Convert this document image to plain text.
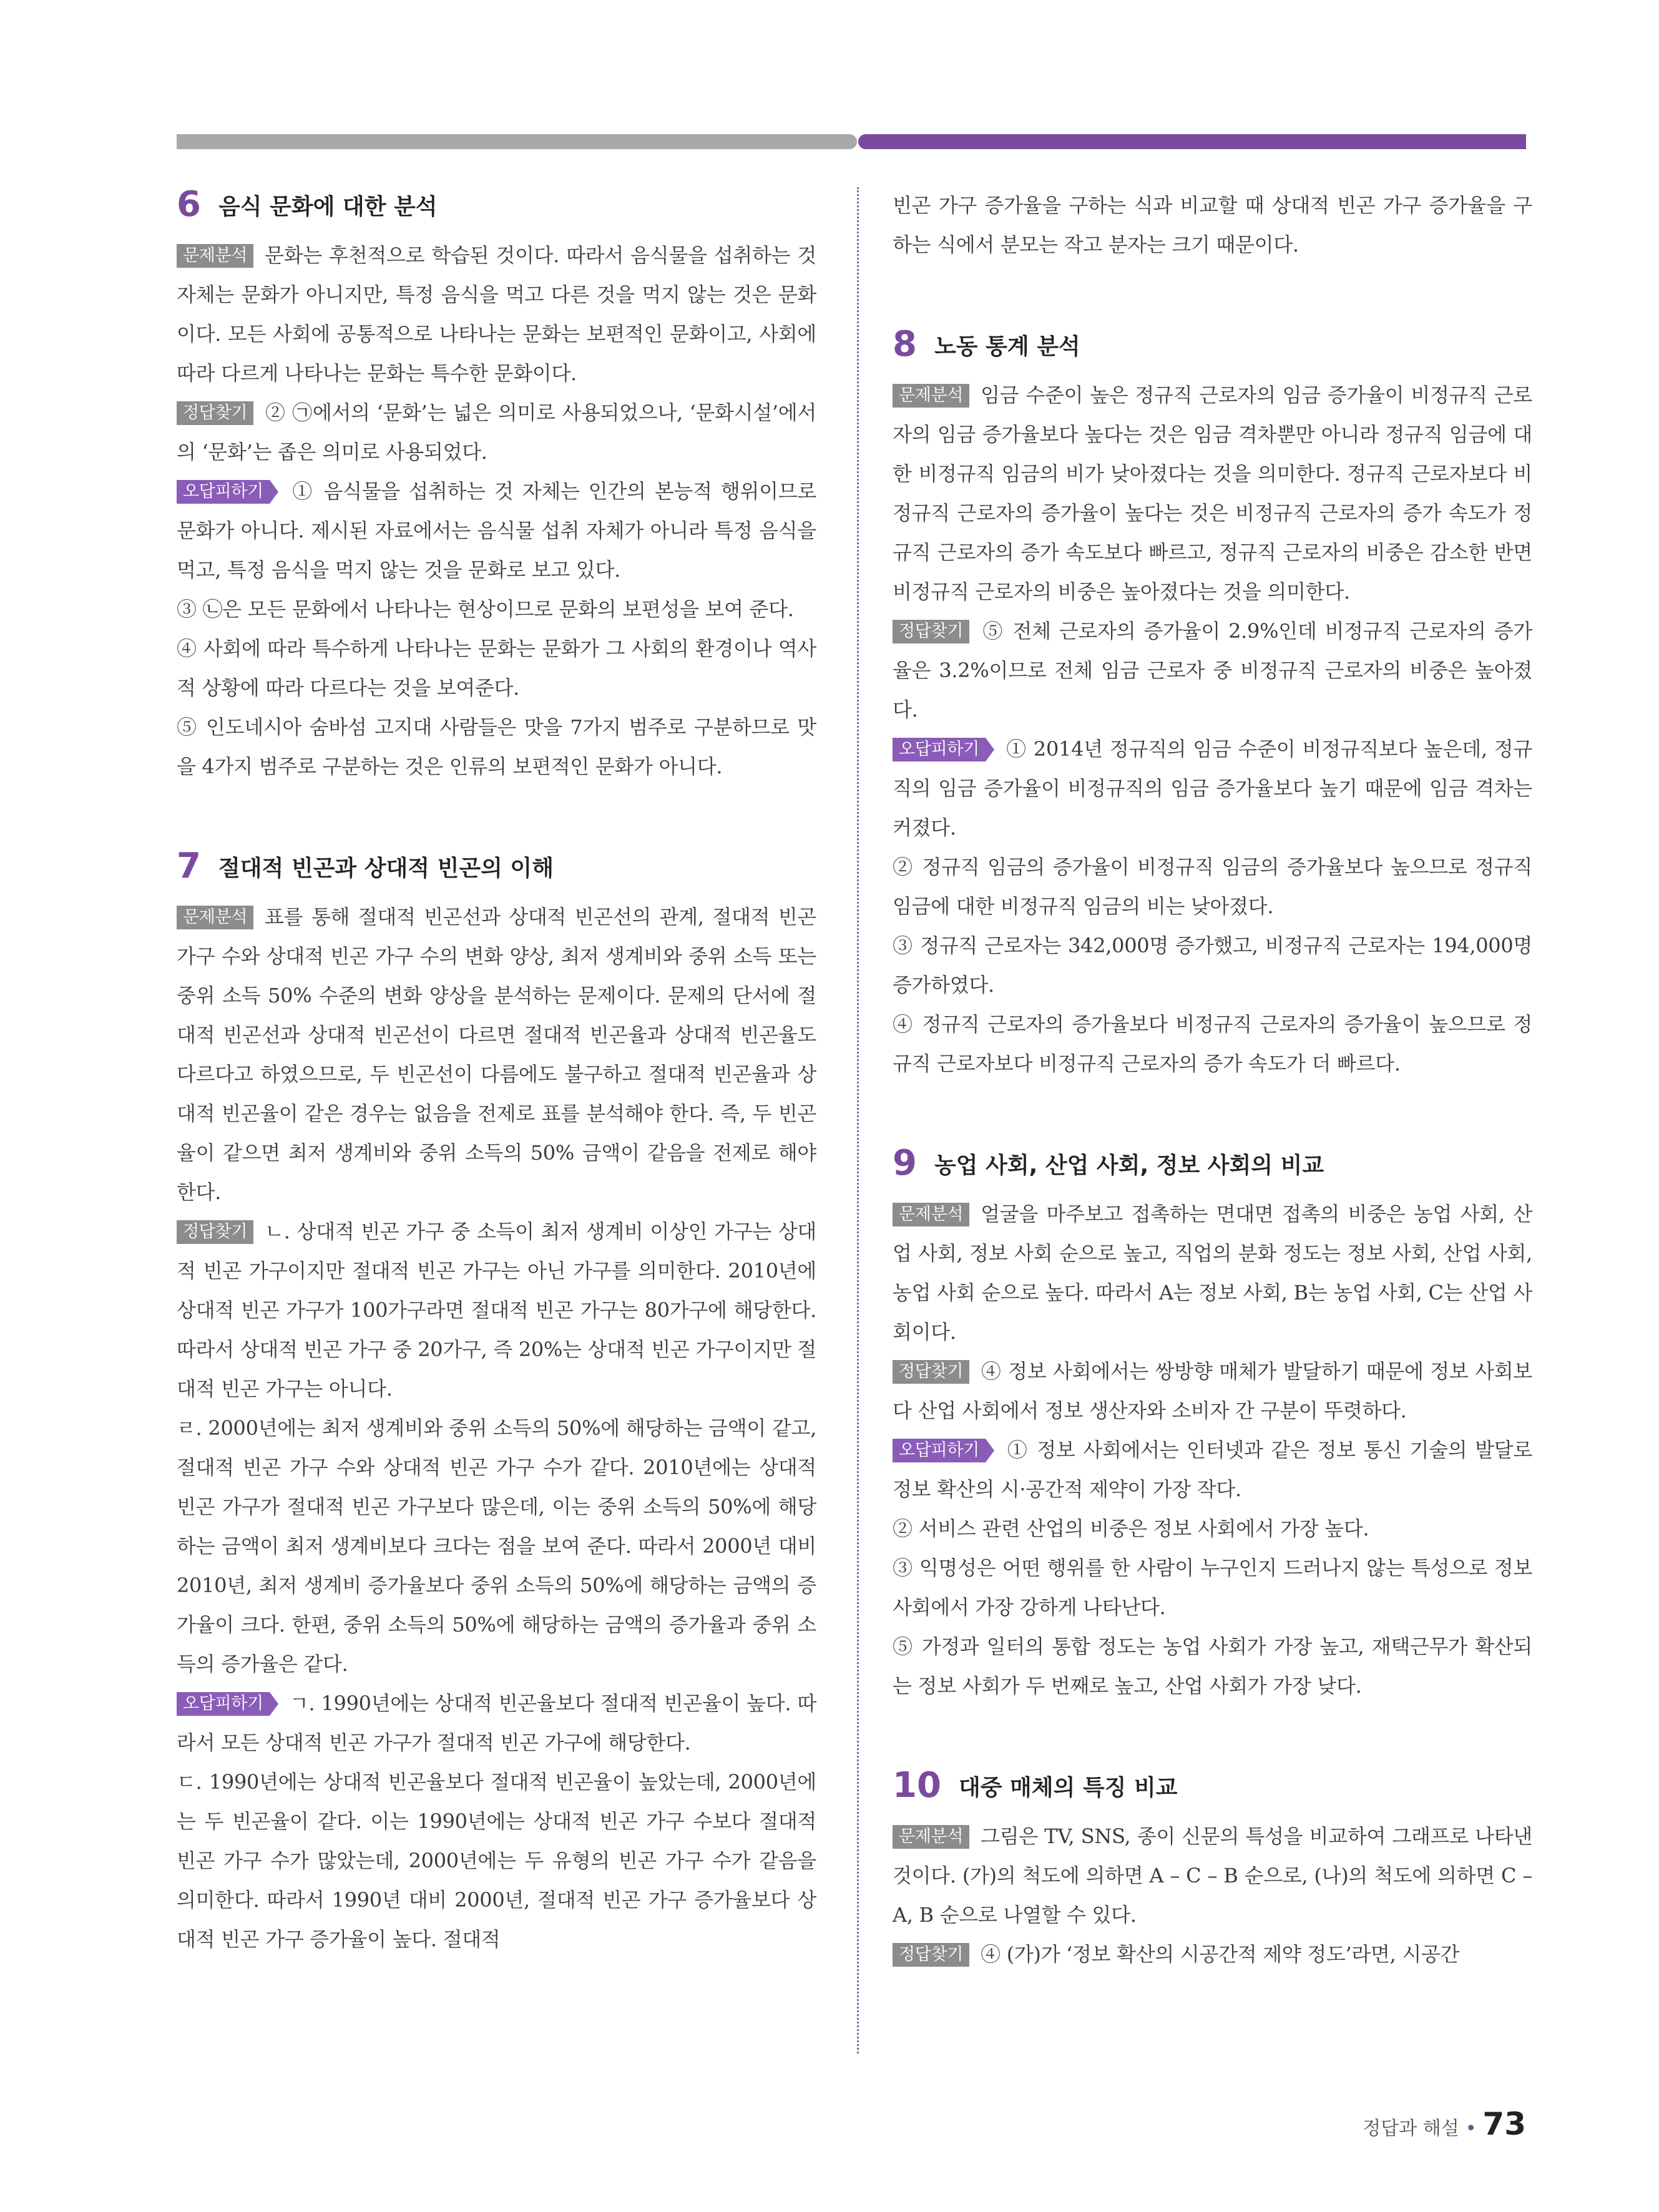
6 음식 문화에 대한 분석

문제분석 문화는 후천적으로 학습된 것이다. 따라서 음식물을 섭취하는 것 자체는 문화가 아니지만, 특정 음식을 먹고 다른 것을 먹지 않는 것은 문화이다. 모든 사회에 공통적으로 나타나는 문화는 보편적인 문화이고, 사회에 따라 다르게 나타나는 문화는 특수한 문화이다.

정답찾기 ② ㉠에서의 ‘문화’는 넓은 의미로 사용되었으나, ‘문화시설’에서의 ‘문화’는 좁은 의미로 사용되었다.

오답피하기 ① 음식물을 섭취하는 것 자체는 인간의 본능적 행위이므로 문화가 아니다. 제시된 자료에서는 음식물 섭취 자체가 아니라 특정 음식을 먹고, 특정 음식을 먹지 않는 것을 문화로 보고 있다.

③ ㉡은 모든 문화에서 나타나는 현상이므로 문화의 보편성을 보여 준다.

④ 사회에 따라 특수하게 나타나는 문화는 문화가 그 사회의 환경이나 역사적 상황에 따라 다르다는 것을 보여준다.

⑤ 인도네시아 숨바섬 고지대 사람들은 맛을 7가지 범주로 구분하므로 맛을 4가지 범주로 구분하는 것은 인류의 보편적인 문화가 아니다.

7 절대적 빈곤과 상대적 빈곤의 이해

문제분석 표를 통해 절대적 빈곤선과 상대적 빈곤선의 관계, 절대적 빈곤 가구 수와 상대적 빈곤 가구 수의 변화 양상, 최저 생계비와 중위 소득 또는 중위 소득 50% 수준의 변화 양상을 분석하는 문제이다. 문제의 단서에 절대적 빈곤선과 상대적 빈곤선이 다르면 절대적 빈곤율과 상대적 빈곤율도 다르다고 하였으므로, 두 빈곤선이 다름에도 불구하고 절대적 빈곤율과 상대적 빈곤율이 같은 경우는 없음을 전제로 표를 분석해야 한다. 즉, 두 빈곤율이 같으면 최저 생계비와 중위 소득의 50% 금액이 같음을 전제로 해야 한다.

정답찾기 ㄴ. 상대적 빈곤 가구 중 소득이 최저 생계비 이상인 가구는 상대적 빈곤 가구이지만 절대적 빈곤 가구는 아닌 가구를 의미한다. 2010년에 상대적 빈곤 가구가 100가구라면 절대적 빈곤 가구는 80가구에 해당한다. 따라서 상대적 빈곤 가구 중 20가구, 즉 20%는 상대적 빈곤 가구이지만 절대적 빈곤 가구는 아니다.

ㄹ. 2000년에는 최저 생계비와 중위 소득의 50%에 해당하는 금액이 같고, 절대적 빈곤 가구 수와 상대적 빈곤 가구 수가 같다. 2010년에는 상대적 빈곤 가구가 절대적 빈곤 가구보다 많은데, 이는 중위 소득의 50%에 해당하는 금액이 최저 생계비보다 크다는 점을 보여 준다. 따라서 2000년 대비 2010년, 최저 생계비 증가율보다 중위 소득의 50%에 해당하는 금액의 증가율이 크다. 한편, 중위 소득의 50%에 해당하는 금액의 증가율과 중위 소득의 증가율은 같다.

오답피하기 ㄱ. 1990년에는 상대적 빈곤율보다 절대적 빈곤율이 높다. 따라서 모든 상대적 빈곤 가구가 절대적 빈곤 가구에 해당한다.

ㄷ. 1990년에는 상대적 빈곤율보다 절대적 빈곤율이 높았는데, 2000년에는 두 빈곤율이 같다. 이는 1990년에는 상대적 빈곤 가구 수보다 절대적 빈곤 가구 수가 많았는데, 2000년에는 두 유형의 빈곤 가구 수가 같음을 의미한다. 따라서 1990년 대비 2000년, 절대적 빈곤 가구 증가율보다 상대적 빈곤 가구 증가율이 높다. 절대적

빈곤 가구 증가율을 구하는 식과 비교할 때 상대적 빈곤 가구 증가율을 구하는 식에서 분모는 작고 분자는 크기 때문이다.

8 노동 통계 분석

문제분석 임금 수준이 높은 정규직 근로자의 임금 증가율이 비정규직 근로자의 임금 증가율보다 높다는 것은 임금 격차뿐만 아니라 정규직 임금에 대한 비정규직 임금의 비가 낮아졌다는 것을 의미한다. 정규직 근로자보다 비정규직 근로자의 증가율이 높다는 것은 비정규직 근로자의 증가 속도가 정규직 근로자의 증가 속도보다 빠르고, 정규직 근로자의 비중은 감소한 반면 비정규직 근로자의 비중은 높아졌다는 것을 의미한다.

정답찾기 ⑤ 전체 근로자의 증가율이 2.9%인데 비정규직 근로자의 증가율은 3.2%이므로 전체 임금 근로자 중 비정규직 근로자의 비중은 높아졌다.

오답피하기 ① 2014년 정규직의 임금 수준이 비정규직보다 높은데, 정규직의 임금 증가율이 비정규직의 임금 증가율보다 높기 때문에 임금 격차는 커졌다.

② 정규직 임금의 증가율이 비정규직 임금의 증가율보다 높으므로 정규직 임금에 대한 비정규직 임금의 비는 낮아졌다.

③ 정규직 근로자는 342,000명 증가했고, 비정규직 근로자는 194,000명 증가하였다.

④ 정규직 근로자의 증가율보다 비정규직 근로자의 증가율이 높으므로 정규직 근로자보다 비정규직 근로자의 증가 속도가 더 빠르다.

9 농업 사회, 산업 사회, 정보 사회의 비교

문제분석 얼굴을 마주보고 접촉하는 면대면 접촉의 비중은 농업 사회, 산업 사회, 정보 사회 순으로 높고, 직업의 분화 정도는 정보 사회, 산업 사회, 농업 사회 순으로 높다. 따라서 A는 정보 사회, B는 농업 사회, C는 산업 사회이다.

정답찾기 ④ 정보 사회에서는 쌍방향 매체가 발달하기 때문에 정보 사회보다 산업 사회에서 정보 생산자와 소비자 간 구분이 뚜렷하다.

오답피하기 ① 정보 사회에서는 인터넷과 같은 정보 통신 기술의 발달로 정보 확산의 시·공간적 제약이 가장 작다.

② 서비스 관련 산업의 비중은 정보 사회에서 가장 높다.

③ 익명성은 어떤 행위를 한 사람이 누구인지 드러나지 않는 특성으로 정보 사회에서 가장 강하게 나타난다.

⑤ 가정과 일터의 통합 정도는 농업 사회가 가장 높고, 재택근무가 확산되는 정보 사회가 두 번째로 높고, 산업 사회가 가장 낮다.

10 대중 매체의 특징 비교

문제분석 그림은 TV, SNS, 종이 신문의 특성을 비교하여 그래프로 나타낸 것이다. (가)의 척도에 의하면 A – C – B 순으로, (나)의 척도에 의하면 C – A, B 순으로 나열할 수 있다.

정답찾기 ④ (가)가 ‘정보 확산의 시공간적 제약 정도’라면, 시공간

정답과 해설 • 73
